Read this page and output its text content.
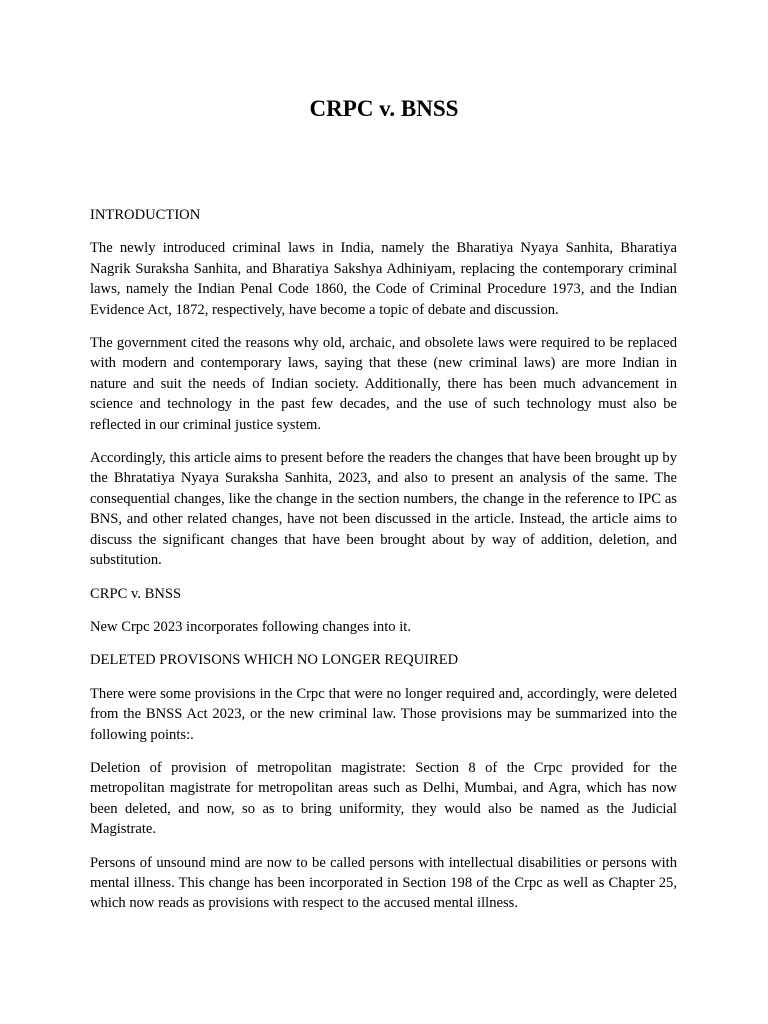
CRPC v. BNSS

INTRODUCTION

The newly introduced criminal laws in India, namely the Bharatiya Nyaya Sanhita, Bharatiya Nagrik Suraksha Sanhita, and Bharatiya Sakshya Adhiniyam, replacing the contemporary criminal laws, namely the Indian Penal Code 1860, the Code of Criminal Procedure 1973, and the Indian Evidence Act, 1872, respectively, have become a topic of debate and discussion.

The government cited the reasons why old, archaic, and obsolete laws were required to be replaced with modern and contemporary laws, saying that these (new criminal laws) are more Indian in nature and suit the needs of Indian society. Additionally, there has been much advancement in science and technology in the past few decades, and the use of such technology must also be reflected in our criminal justice system.

Accordingly, this article aims to present before the readers the changes that have been brought up by the Bhratatiya Nyaya Suraksha Sanhita, 2023, and also to present an analysis of the same. The consequential changes, like the change in the section numbers, the change in the reference to IPC as BNS, and other related changes, have not been discussed in the article. Instead, the article aims to discuss the significant changes that have been brought about by way of addition, deletion, and substitution.

CRPC v. BNSS

New Crpc 2023 incorporates following changes into it.

DELETED PROVISONS WHICH NO LONGER REQUIRED

There were some provisions in the Crpc that were no longer required and, accordingly, were deleted from the BNSS Act 2023, or the new criminal law. Those provisions may be summarized into the following points:.

Deletion of provision of metropolitan magistrate: Section 8 of the Crpc provided for the metropolitan magistrate for metropolitan areas such as Delhi, Mumbai, and Agra, which has now been deleted, and now, so as to bring uniformity, they would also be named as the Judicial Magistrate.

Persons of unsound mind are now to be called persons with intellectual disabilities or persons with mental illness. This change has been incorporated in Section 198 of the Crpc as well as Chapter 25, which now reads as provisions with respect to the accused mental illness.
